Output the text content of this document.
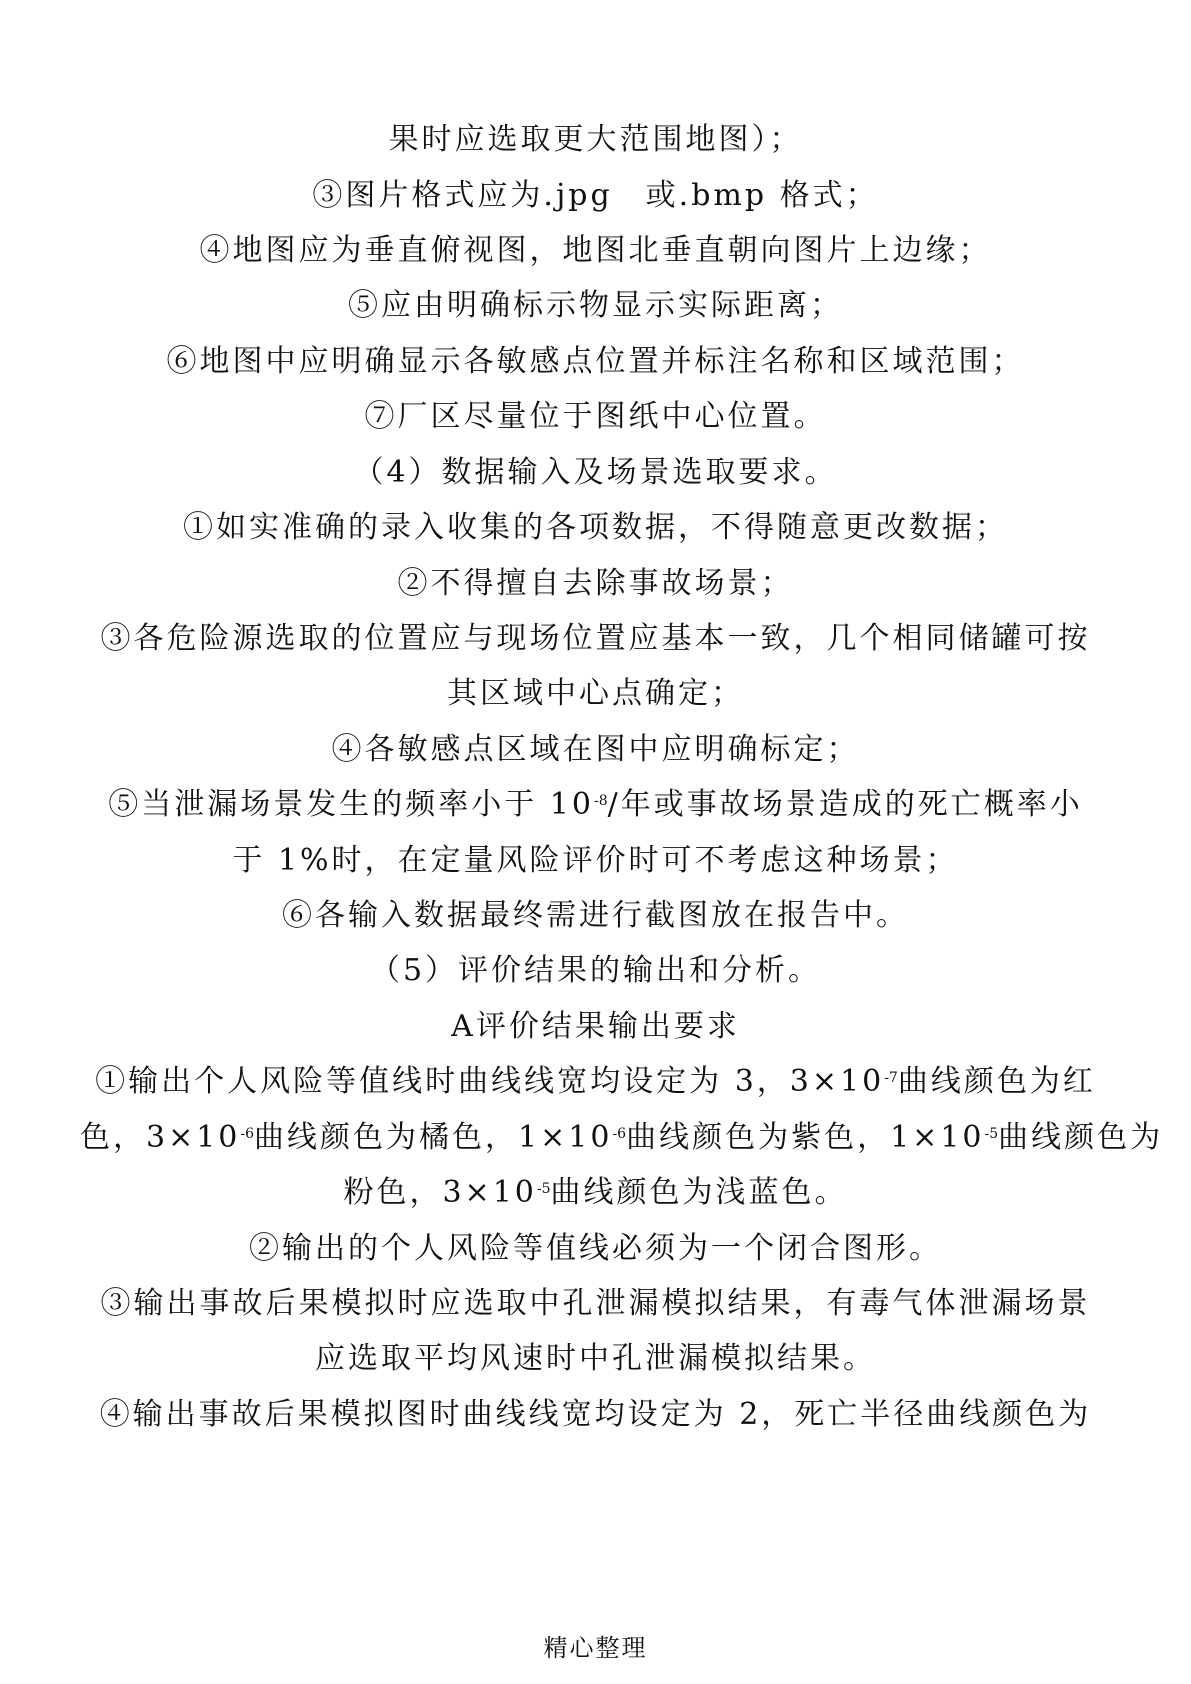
果时应选取更大范围地图）；
③图片格式应为.jpg　或.bmp 格式；
④地图应为垂直俯视图，地图北垂直朝向图片上边缘；
⑤应由明确标示物显示实际距离；
⑥地图中应明确显示各敏感点位置并标注名称和区域范围；
⑦厂区尽量位于图纸中心位置。
（4）数据输入及场景选取要求。
①如实准确的录入收集的各项数据，不得随意更改数据；
②不得擅自去除事故场景；
③各危险源选取的位置应与现场位置应基本一致，几个相同储罐可按
其区域中心点确定；
④各敏感点区域在图中应明确标定；
⑤当泄漏场景发生的频率小于 $10^{-8}/$年或事故场景造成的死亡概率小
于 1%时，在定量风险评价时可不考虑这种场景；
⑥各输入数据最终需进行截图放在报告中。
（5）评价结果的输出和分析。
A评价结果输出要求
①输出个人风险等值线时曲线线宽均设定为 3，$3\times 10^{-7}$曲线颜色为红
色，$3\times 10^{-6}$曲线颜色为橘色，$1\times 10^{-6}$曲线颜色为紫色，$1\times 10^{-5}$曲线颜色为
粉色，$3\times 10^{-5}$曲线颜色为浅蓝色。
②输出的个人风险等值线必须为一个闭合图形。
③输出事故后果模拟时应选取中孔泄漏模拟结果，有毒气体泄漏场景
应选取平均风速时中孔泄漏模拟结果。
④输出事故后果模拟图时曲线线宽均设定为 2，死亡半径曲线颜色为
精心整理
